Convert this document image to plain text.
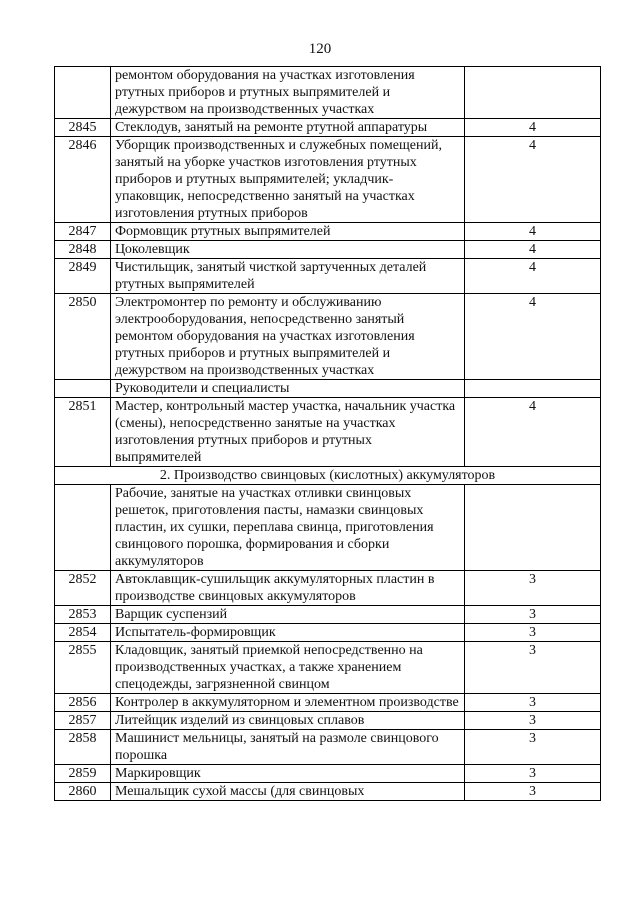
120
	ремонтом оборудования на участках изготовления ртутных приборов и ртутных выпрямителей и дежурством на производственных участках	
2845	Стеклодув, занятый на ремонте ртутной аппаратуры	4
2846	Уборщик производственных и служебных помещений, занятый на уборке участков изготовления ртутных приборов и ртутных выпрямителей; укладчик-упаковщик, непосредственно занятый на участках изготовления ртутных приборов	4
2847	Формовщик ртутных выпрямителей	4
2848	Цоколевщик	4
2849	Чистильщик, занятый чисткой зартученных деталей ртутных выпрямителей	4
2850	Электромонтер по ремонту и обслуживанию электрооборудования, непосредственно занятый ремонтом оборудования на участках изготовления ртутных приборов и ртутных выпрямителей и дежурством на производственных участках	4
	Руководители и специалисты	
2851	Мастер, контрольный мастер участка, начальник участка (смены), непосредственно занятые на участках изготовления ртутных приборов и ртутных выпрямителей	4
2. Производство свинцовых (кислотных) аккумуляторов		
	Рабочие, занятые на участках отливки свинцовых решеток, приготовления пасты, намазки свинцовых пластин, их сушки, переплава свинца, приготовления свинцового порошка, формирования и сборки аккумуляторов	
2852	Автоклавщик-сушильщик аккумуляторных пластин в производстве свинцовых аккумуляторов	3
2853	Варщик суспензий	3
2854	Испытатель-формировщик	3
2855	Кладовщик, занятый приемкой непосредственно на производственных участках, а также хранением спецодежды, загрязненной свинцом	3
2856	Контролер в аккумуляторном и элементном производстве	3
2857	Литейщик изделий из свинцовых сплавов	3
2858	Машинист мельницы, занятый на размоле свинцового порошка	3
2859	Маркировщик	3
2860	Мешальщик сухой массы (для свинцовых	3
